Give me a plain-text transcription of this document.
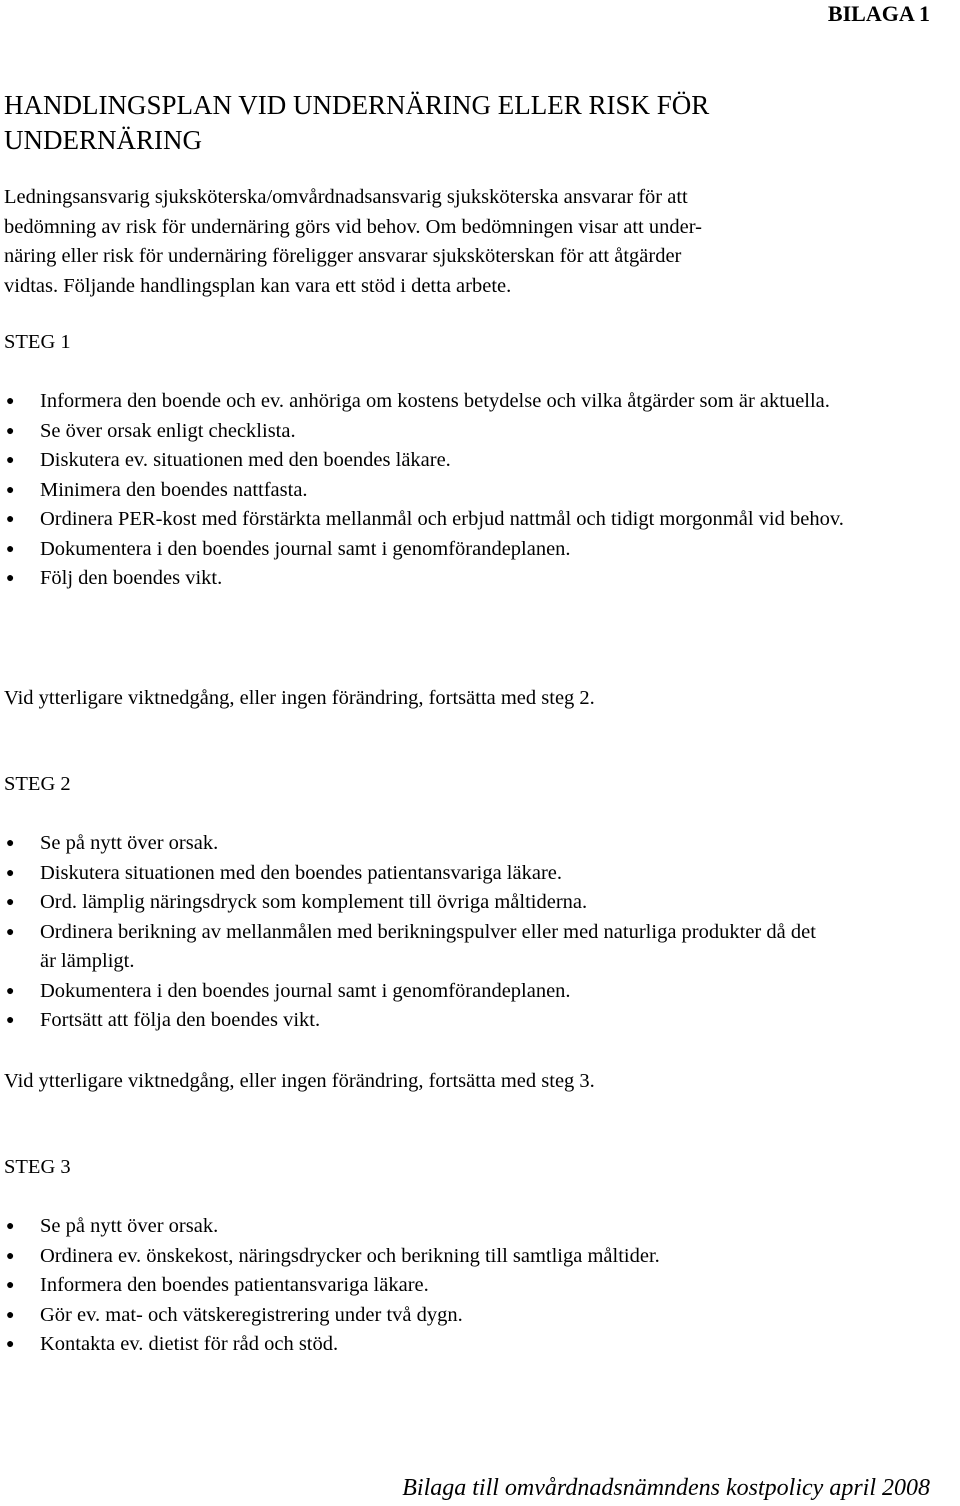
BILAGA 1
HANDLINGSPLAN VID UNDERNÄRING ELLER RISK FÖR UNDERNÄRING
Ledningsansvarig sjuksköterska/omvårdnadsansvarig sjuksköterska ansvarar för att
bedömning av risk för undernäring görs vid behov. Om bedömningen visar att under-
näring eller risk för undernäring föreligger ansvarar sjuksköterskan för att åtgärder
vidtas. Följande handlingsplan kan vara ett stöd i detta arbete.
STEG 1
●
Informera den boende och ev. anhöriga om kostens betydelse och vilka åtgärder som är aktuella.
●
Se över orsak enligt checklista.
●
Diskutera ev. situationen med den boendes läkare.
●
Minimera den boendes nattfasta.
●
Ordinera PER-kost med förstärkta mellanmål och erbjud nattmål och tidigt morgonmål vid behov.
●
Dokumentera i den boendes journal samt i genomförandeplanen.
●
Följ den boendes vikt.
Vid ytterligare viktnedgång, eller ingen förändring, fortsätta med steg 2.
STEG 2
●
Se på nytt över orsak.
●
Diskutera situationen med den boendes patientansvariga läkare.
●
Ord. lämplig näringsdryck som komplement till övriga måltiderna.
●
Ordinera berikning av mellanmålen med berikningspulver eller med naturliga produkter då det är lämpligt.
●
Dokumentera i den boendes journal samt i genomförandeplanen.
●
Fortsätt att följa den boendes vikt.
Vid ytterligare viktnedgång, eller ingen förändring, fortsätta med steg 3.
STEG 3
●
Se på nytt över orsak.
●
Ordinera ev. önskekost, näringsdrycker och berikning till samtliga måltider.
●
Informera den boendes patientansvariga läkare.
●
Gör ev. mat- och vätskeregistrering under två dygn.
●
Kontakta ev. dietist för råd och stöd.
Bilaga till omvårdnadsnämndens kostpolicy april 2008
